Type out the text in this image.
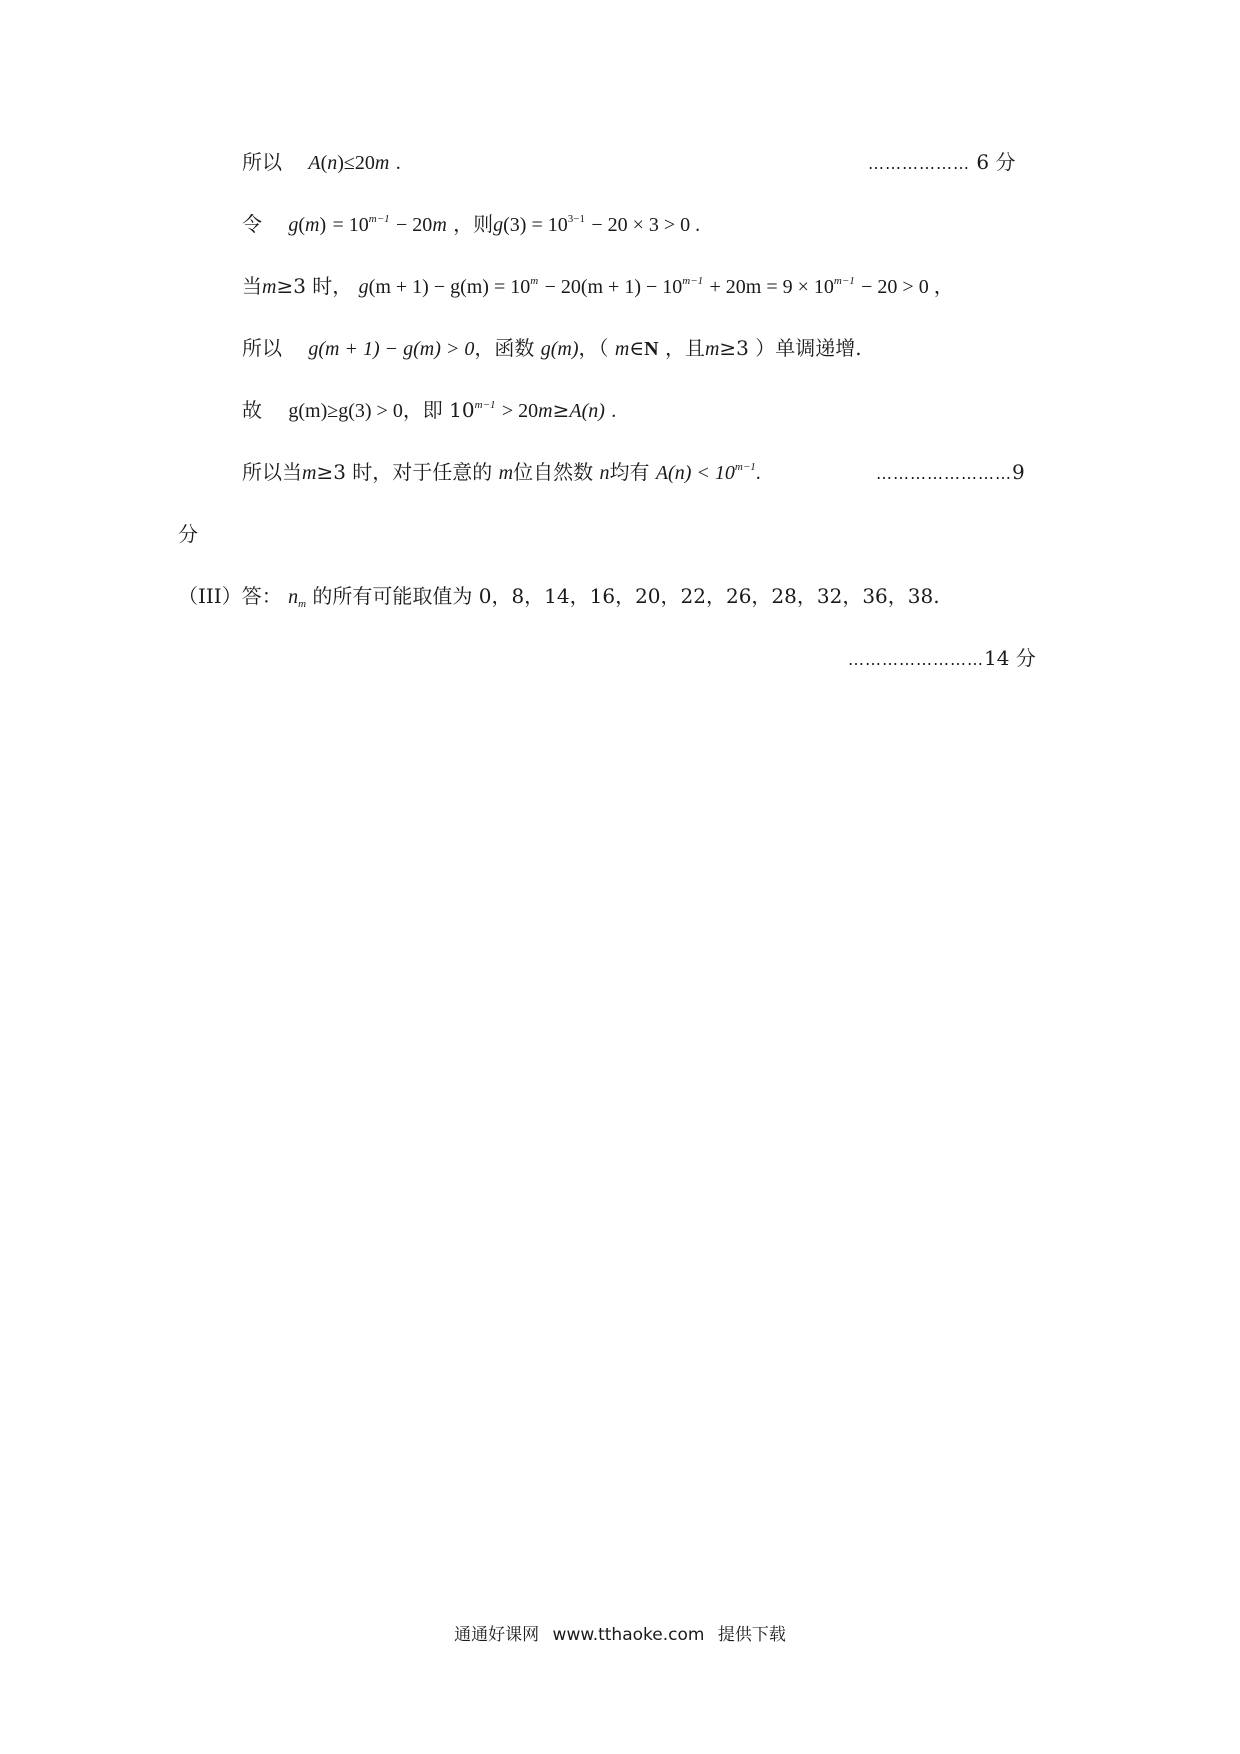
所以 A(n)≤20m .	……………… 6 分
令 $g(m) = 10^{m-1} - 20m$ ，则$g(3) = 10^{3-1} - 20 \times 3 > 0$ .
当m≥3 时， $g(m + 1) - g(m) = 10^m - 20(m + 1) - 10^{m-1} + 20m = 9 \times 10^{m-1} - 20 > 0$ ，
所以 g(m + 1) − g(m) > 0，函数 g(m)，（ m∈N ，且m≥3 ）单调递增.
故 g(m)≥g(3) > 0，即 $10^{m-1} > 20m\ge A(n)$ .
所以当m≥3 时，对于任意的 m位自然数 n均有 $A(n) < 10^{m-1}$.	……………………9
分
（III）答： $n_m$ 的所有可能取值为 0，8，14，16，20，22，26，28，32，36，38.
……………………14 分
通通好课网 www.tthaoke.com 提供下载
